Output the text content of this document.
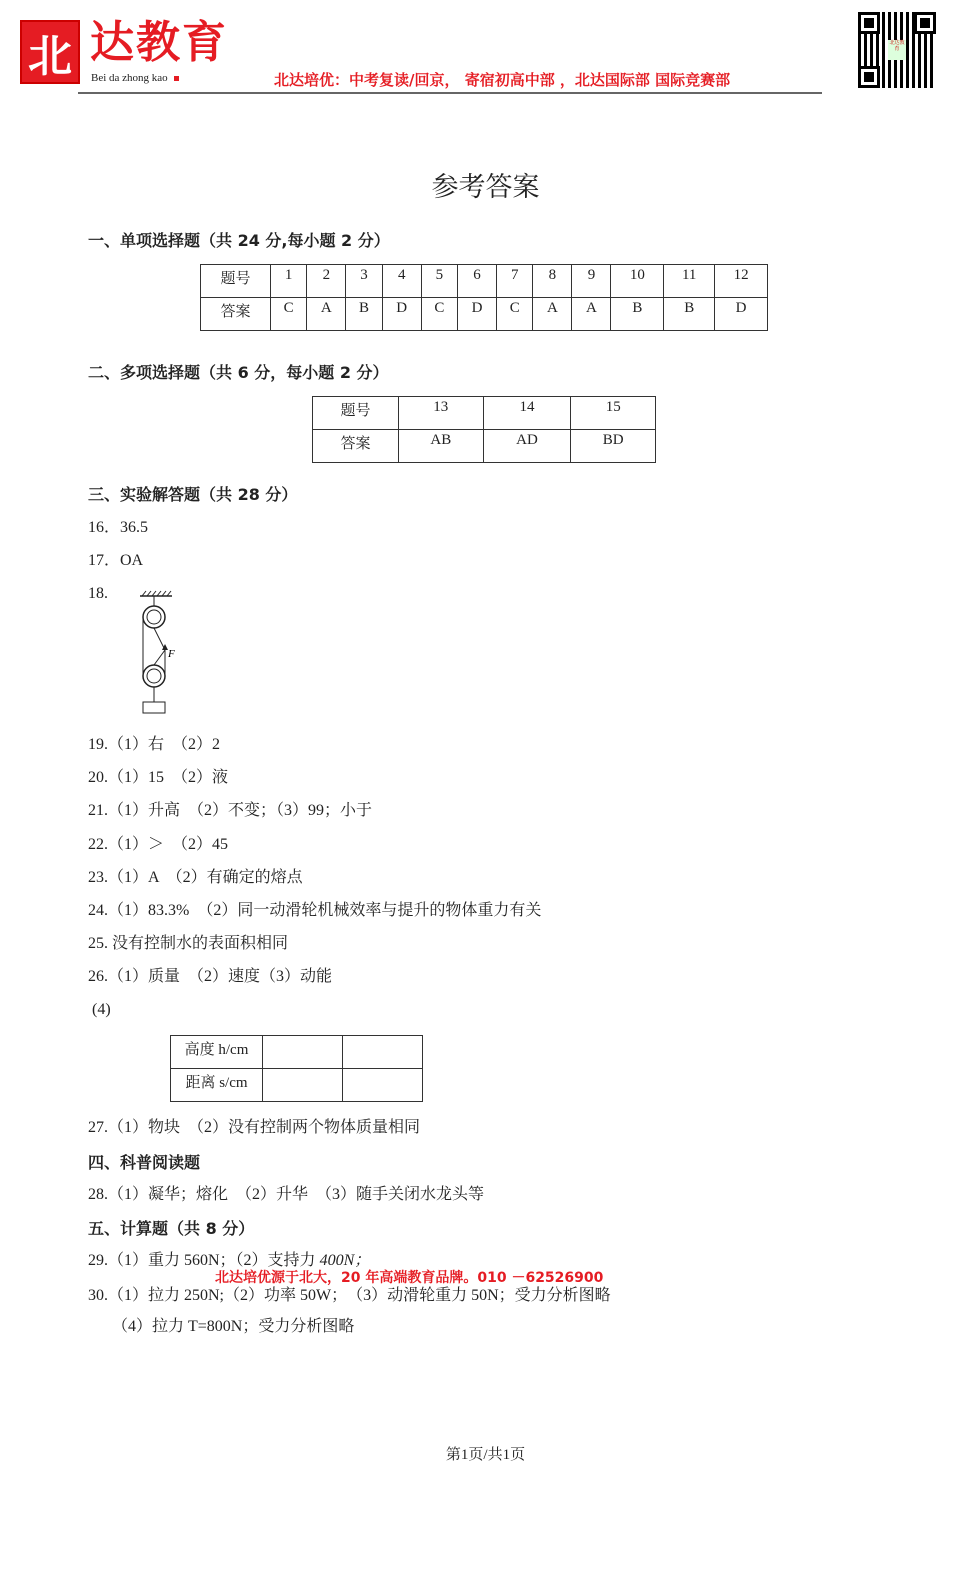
北 达教育
Bei da zhong kao	北达培优：中考复读/回京， 寄宿初高中部 ，北达国际部 国际竞赛部
北达教育
参考答案
一、单项选择题（共 24 分,每小题 2 分）
题号	1	2	3	4	5	6	7	8	9	10	11	12
答案	C	A	B	D	C	D	C	A	A	B	B	D
二、多项选择题（共 6 分，每小题 2 分）
题号	13	14	15
答案	AB	AD	BD
三、实验解答题（共 28 分）
16．36.5
17．OA
18.
F
19.（1）右　（2）2
20.（1）15　（2）液
21.（1）升高　（2）不变；（3）99；小于
22.（1）＞　（2）45
23.（1）A　（2）有确定的熔点
24.（1）83.3%　（2）同一动滑轮机械效率与提升的物体重力有关
25. 没有控制水的表面积相同
26.（1）质量　（2）速度（3）动能
(4)
高度 h/cm		
距离 s/cm		
27.（1）物块　（2）没有控制两个物体质量相同
四、科普阅读题
28.（1）凝华；熔化　（2）升华　（3）随手关闭水龙头等
五、计算题（共 8 分）
29.（1）重力 560N；（2）支持力 400N；
北达培优源于北大，20 年高端教育品牌。010 －62526900
30.（1）拉力 250N;（2）功率 50W；　（3）动滑轮重力 50N；受力分析图略
（4）拉力 T=800N；受力分析图略
第1页/共1页
